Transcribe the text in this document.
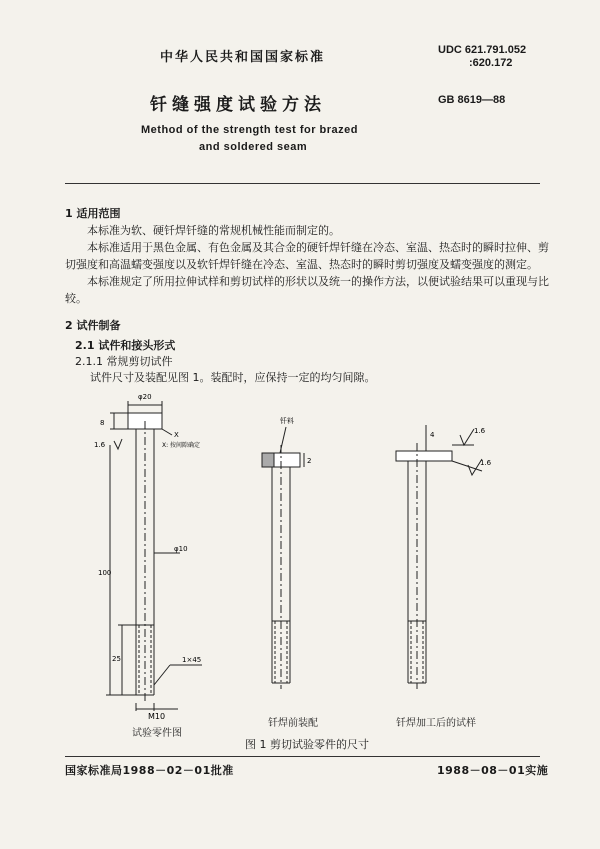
中华人民共和国国家标准	UDC 621.791.052
:620.172
GB 8619—88
钎缝强度试验方法
Method of the strength test for brazed
and soldered seam
1 适用范围
本标准为软、硬钎焊钎缝的常规机械性能而制定的。
本标准适用于黑色金属、有色金属及其合金的硬钎焊钎缝在冷态、室温、热态时的瞬时拉伸、剪
切强度和高温蠕变强度以及软钎焊钎缝在冷态、室温、热态时的瞬时剪切强度及蠕变强度的测定。
本标准规定了所用拉伸试样和剪切试样的形状以及统一的操作方法，以便试验结果可以重现与比
较。
2 试件制备
2.1 试件和接头形式
2.1.1 常规剪切试件
试件尺寸及装配见图 1。装配时，应保持一定的均匀间隙。
φ20
8
X
1.6	X: 按间隙确定
φ10
100
25	1×45
M10
钎料
2
4	1.6
1.6
试验零件图
钎焊前装配	钎焊加工后的试样
图 1 剪切试验零件的尺寸
国家标准局1988－02－01批准	1988－08－01实施
